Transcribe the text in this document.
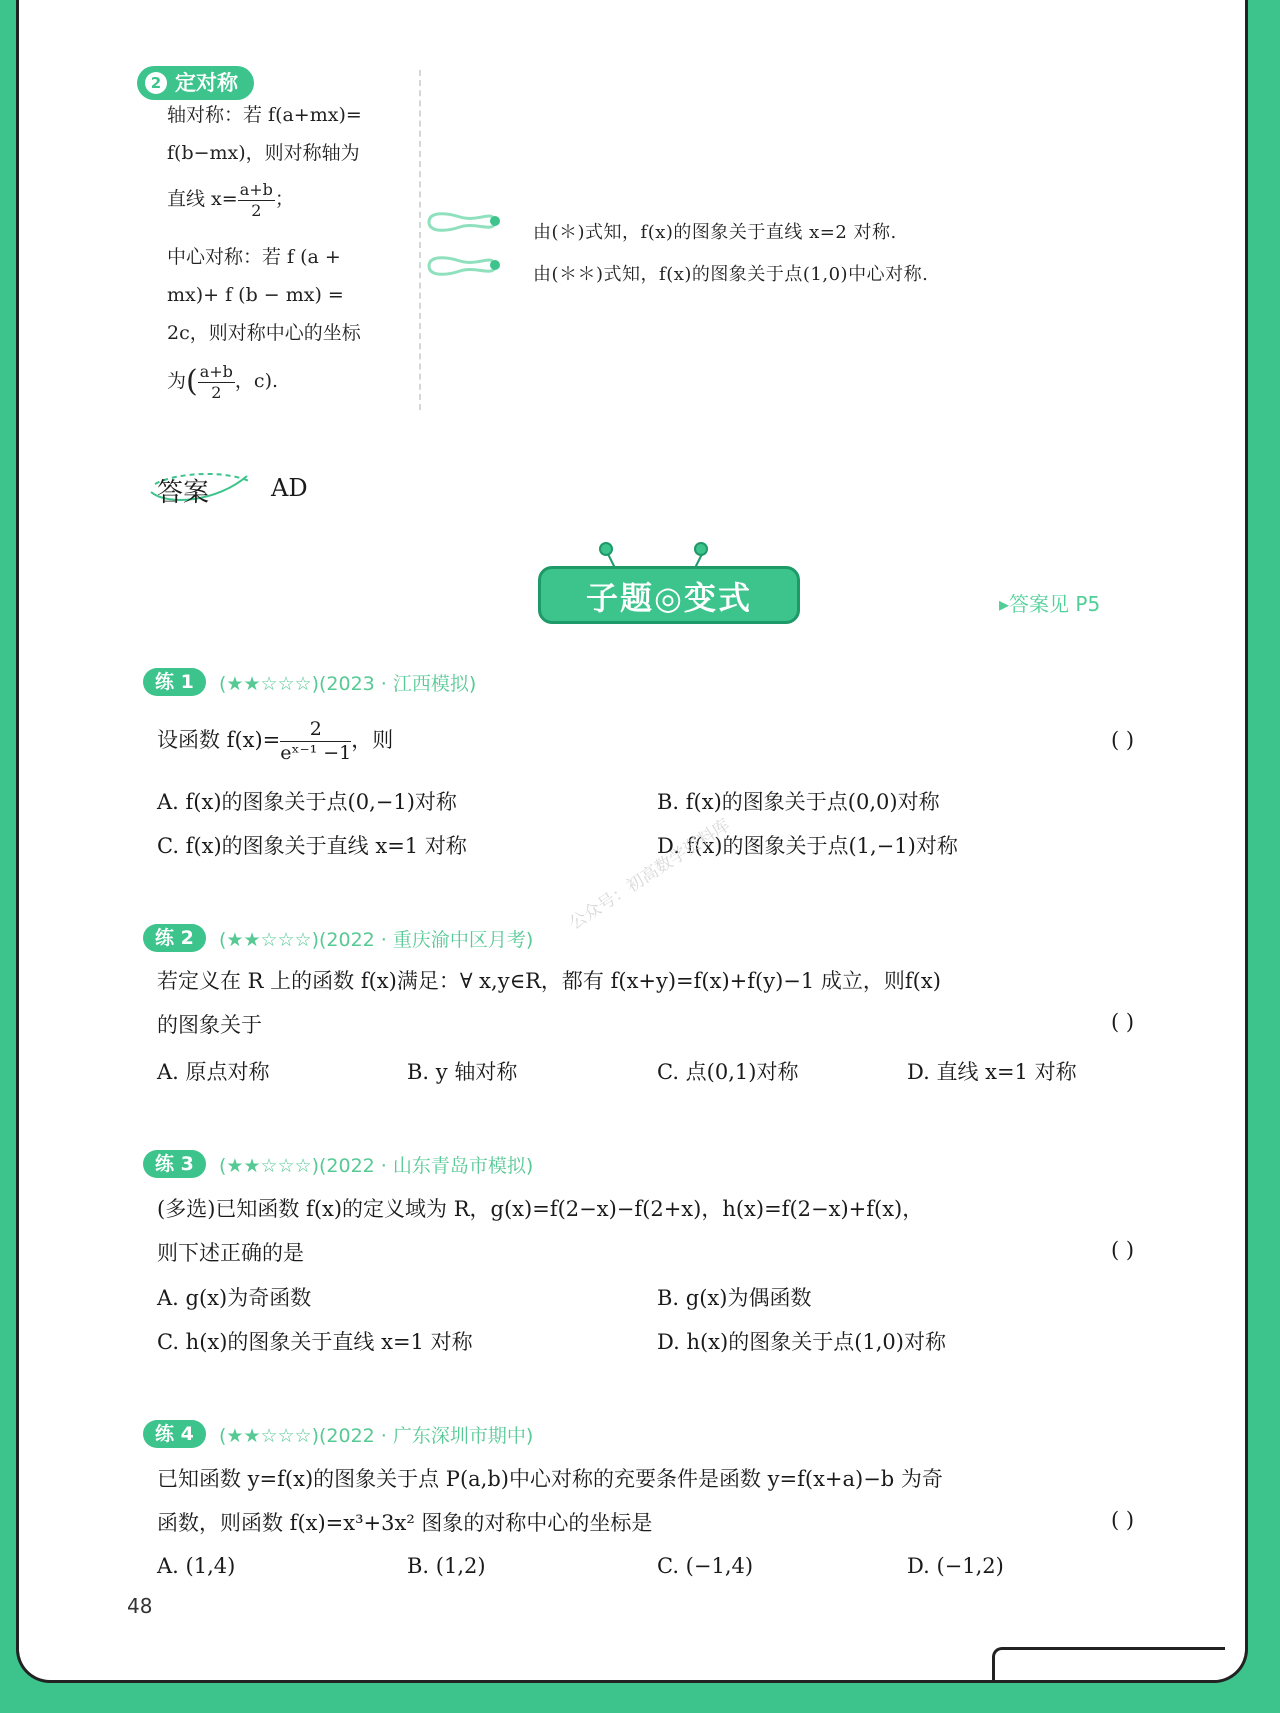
2 定对称
轴对称：若 f(a+mx)=
f(b−mx)，则对称轴为
直线 $x= \frac{a+b}{2}$ ；
中心对称：若 f (a +
mx)+ f (b − mx) =
2c，则对称中心的坐标
为( $\frac{a+b}{2}$ ，c).
由(＊)式知，f(x)的图象关于直线 x=2 对称.
由(＊＊)式知，f(x)的图象关于点(1,0)中心对称.
答案	AD
子题◎变式	▸答案见 P5
练 1	(★★☆☆☆)(2023 · 江西模拟)
设函数 $f(x)= \frac{2}{\text{eˣ⁻¹ −1}}$ ，则	( )
A. f(x)的图象关于点(0,−1)对称	B. f(x)的图象关于点(0,0)对称
C. f(x)的图象关于直线 x=1 对称	D. f(x)的图象关于点(1,−1)对称
公众号：初高数学资料库
练 2	(★★☆☆☆)(2022 · 重庆渝中区月考)
若定义在 R 上的函数 f(x)满足：∀ x,y∈R，都有 f(x+y)=f(x)+f(y)−1 成立，则f(x)
的图象关于	( )
A. 原点对称	B. y 轴对称	C. 点(0,1)对称	D. 直线 x=1 对称
练 3	(★★☆☆☆)(2022 · 山东青岛市模拟)
(多选)已知函数 f(x)的定义域为 R，g(x)=f(2−x)−f(2+x)，h(x)=f(2−x)+f(x)，
则下述正确的是	( )
A. g(x)为奇函数	B. g(x)为偶函数
C. h(x)的图象关于直线 x=1 对称	D. h(x)的图象关于点(1,0)对称
练 4	(★★☆☆☆)(2022 · 广东深圳市期中)
已知函数 y=f(x)的图象关于点 P(a,b)中心对称的充要条件是函数 y=f(x+a)−b 为奇
函数，则函数 f(x)=x³+3x² 图象的对称中心的坐标是	( )
A. (1,4)	B. (1,2)	C. (−1,4)	D. (−1,2)
48
